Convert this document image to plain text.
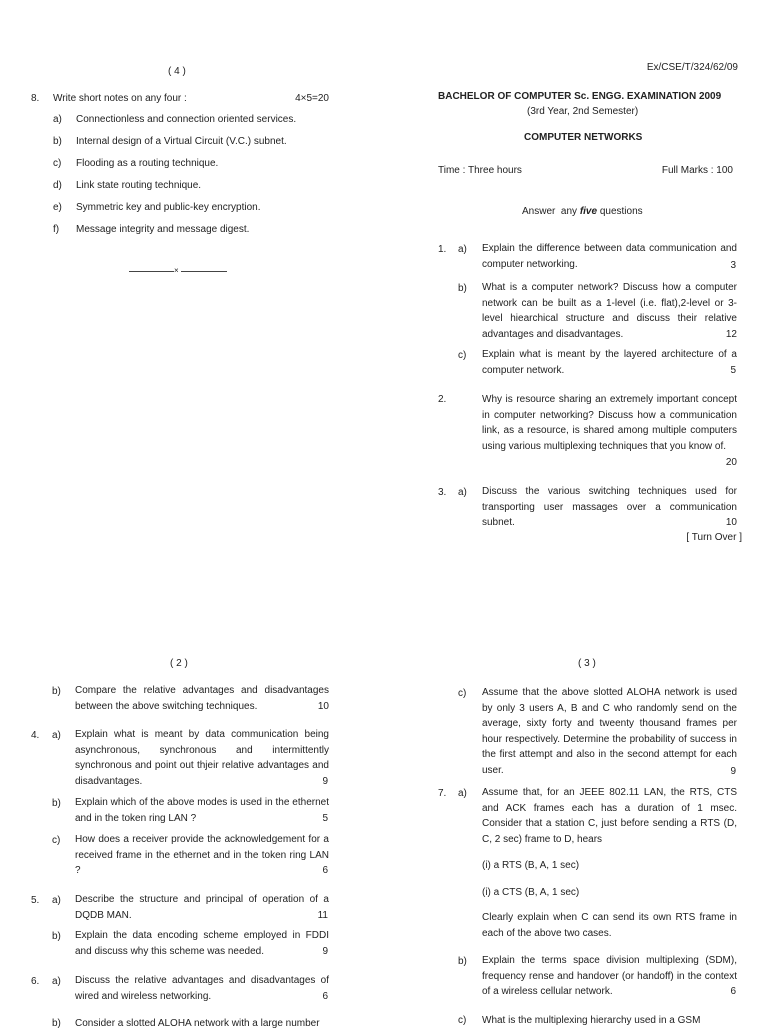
( 4 )
8. Write short notes on any four :	4×5=20
a) Connectionless and connection oriented services.
b) Internal design of a Virtual Circuit (V.C.) subnet.
c) Flooding as a routing technique.
d) Link state routing technique.
e) Symmetric key and public-key encryption.
f) Message integrity and message digest.
×
Ex/CSE/T/324/62/09
BACHELOR OF COMPUTER Sc. ENGG. EXAMINATION 2009
(3rd Year, 2nd Semester)
COMPUTER NETWORKS
Time : Three hours	Full Marks : 100
Answer  any five questions
1. a) Explain the difference between data communication and computer networking.	3
b) What is a computer network? Discuss how a computer network can be built as a 1-level (i.e. flat),2-level or 3-level hiearchical structure and discuss their relative advantages and disadvantages.	12
c) Explain what is meant by the layered architecture of a computer network.	5
2.	Why is resource sharing an extremely important concept in computer networking? Discuss how a communication link, as a resource, is shared among multiple computers using various multiplexing techniques that you know of.
20
3. a) Discuss the various switching techniques used for transporting user massages over a communication subnet.	10
[ Turn Over ]
( 2 )
b) Compare the relative advantages and disadvantages between the above switching techniques.	10
4. a) Explain what is meant by data communication being asynchronous, synchronous and intermittently synchronous and point out thjeir relative advantages and disadvantages.	9
b) Explain which of the above modes is used in the ethernet and in the token ring LAN ?	5
c) How does a receiver provide the acknowledgement for a received frame in the ethernet and in the token ring LAN ?	6
5. a) Describe the structure and principal of operation of a DQDB MAN.	11
b) Explain the data encoding scheme employed in FDDI and discuss why this scheme was needed.	9
6. a) Discuss the relative advantages and disadvantages of wired and wireless networking.	6
b) Consider a slotted ALOHA network with a large number
( 3 )
c) Assume that the above slotted ALOHA network is used by only 3 users A, B and C who randomly send on the average, sixty forty and tweenty thousand frames per hour respectively. Determine the probability of success in the first attempt and also in the second attempt for each user.	9
7. a) Assume that, for an JEEE 802.11 LAN, the RTS, CTS and ACK frames each has a duration of 1 msec. Consider that a station C, just before sending a RTS (D, C, 2 sec) frame to D, hears
(i) a RTS (B, A, 1 sec)
(i) a CTS (B, A, 1 sec)
Clearly explain when C can send its own RTS frame in each of the above two cases.
b) Explain the terms space division multiplexing (SDM), frequency rense and handover (or handoff) in the context of a wireless cellular network.	6
c) What is the multiplexing hierarchy used in a GSM
